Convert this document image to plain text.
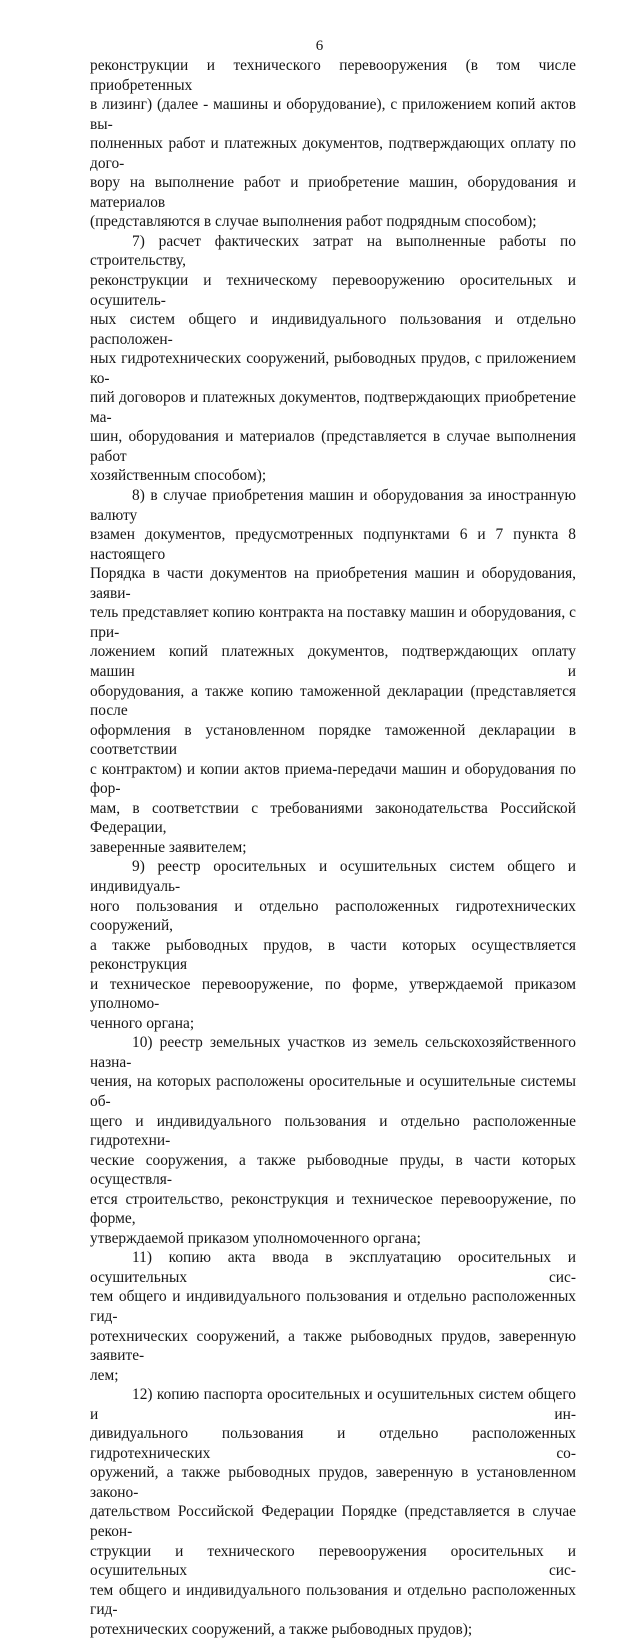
6

реконструкции и технического перевооружения (в том числе приобретенных

в лизинг) (далее - машины и оборудование), с приложением копий актов вы-

полненных работ и платежных документов, подтверждающих оплату по дого-

вору на выполнение работ и приобретение машин, оборудования и материалов

(представляются в случае выполнения работ подрядным способом);

7) расчет фактических затрат на выполненные работы по строительству,

реконструкции и техническому перевооружению оросительных и осушитель-

ных систем общего и индивидуального пользования и отдельно расположен-

ных гидротехнических сооружений, рыбоводных прудов, с приложением ко-

пий договоров и платежных документов, подтверждающих приобретение ма-

шин, оборудования и материалов (представляется в случае выполнения работ

хозяйственным способом);

8) в случае приобретения машин и оборудования за иностранную валюту

взамен документов, предусмотренных подпунктами 6 и 7 пункта 8 настоящего

Порядка в части документов на приобретения машин и оборудования, заяви-

тель представляет копию контракта на поставку машин и оборудования, с при-

ложением копий платежных документов, подтверждающих оплату машин и

оборудования, а также копию таможенной декларации (представляется после

оформления в установленном порядке таможенной декларации в соответствии

с контрактом) и копии актов приема-передачи машин и оборудования по фор-

мам, в соответствии с требованиями законодательства Российской Федерации,

заверенные заявителем;

9) реестр оросительных и осушительных систем общего и индивидуаль-

ного пользования и отдельно расположенных гидротехнических сооружений,

а также рыбоводных прудов, в части которых осуществляется реконструкция

и техническое перевооружение, по форме, утверждаемой приказом уполномо-

ченного органа;

10) реестр земельных участков из земель сельскохозяйственного назна-

чения, на которых расположены оросительные и осушительные системы об-

щего и индивидуального пользования и отдельно расположенные гидротехни-

ческие сооружения, а также рыбоводные пруды, в части которых осуществля-

ется строительство, реконструкция и техническое перевооружение, по форме,

утверждаемой приказом уполномоченного органа;

11) копию акта ввода в эксплуатацию оросительных и осушительных сис-

тем общего и индивидуального пользования и отдельно расположенных гид-

ротехнических сооружений, а также рыбоводных прудов, заверенную заявите-

лем;

12) копию паспорта оросительных и осушительных систем общего и ин-

дивидуального пользования и отдельно расположенных гидротехнических со-

оружений, а также рыбоводных прудов, заверенную в установленном законо-

дательством Российской Федерации Порядке (представляется в случае рекон-

струкции и технического перевооружения оросительных и осушительных сис-

тем общего и индивидуального пользования и отдельно расположенных гид-

ротехнических сооружений, а также рыбоводных прудов);
